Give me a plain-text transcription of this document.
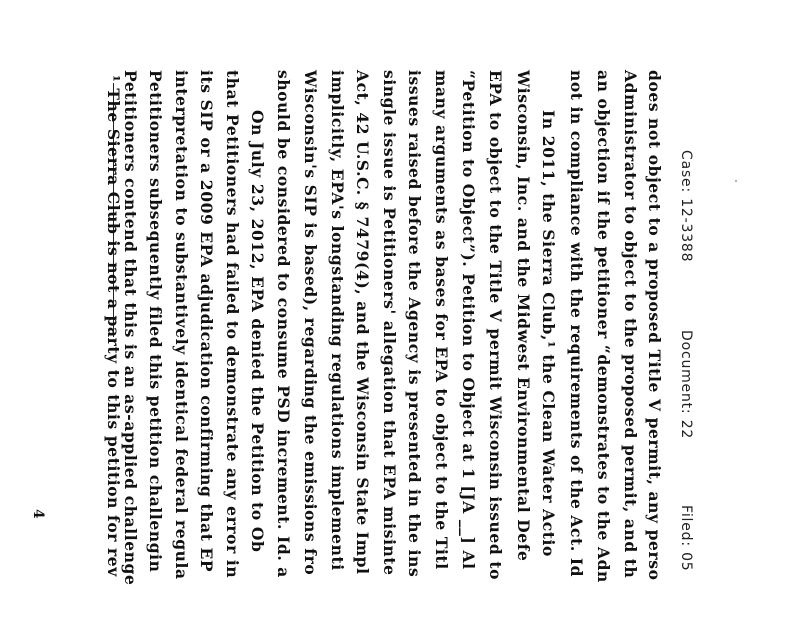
Case: 12-3388
Document: 22
Filed: 05
does not object to a proposed Title V permit, any perso
Administrator to object to the proposed permit, and th
an objection if the petitioner “demonstrates to the Adn
not in compliance with the requirements of the Act. Id
In 2011, the Sierra Club,¹ the Clean Water Actio
Wisconsin, Inc. and the Midwest Environmental Defe
EPA to object to the Title V permit Wisconsin issued to
“Petition to Object”). Petition to Object at 1 [JA __] Al
many arguments as bases for EPA to object to the Titl
issues raised before the Agency is presented in the ins
single issue is Petitioners' allegation that EPA misinte
Act, 42 U.S.C. § 7479(4), and the Wisconsin State Impl
implicitly, EPA's longstanding regulations implementi
Wisconsin's SIP is based), regarding the emissions fro
should be considered to consume PSD increment. Id. a
On July 23, 2012, EPA denied the Petition to Ob
that Petitioners had failed to demonstrate any error in
its SIP or a 2009 EPA adjudication confirming that EP
interpretation to substantively identical federal regula
Petitioners subsequently filed this petition challengin
Petitioners contend that this is an as-applied challenge
¹ The Sierra Club is not a party to this petition for rev
4
